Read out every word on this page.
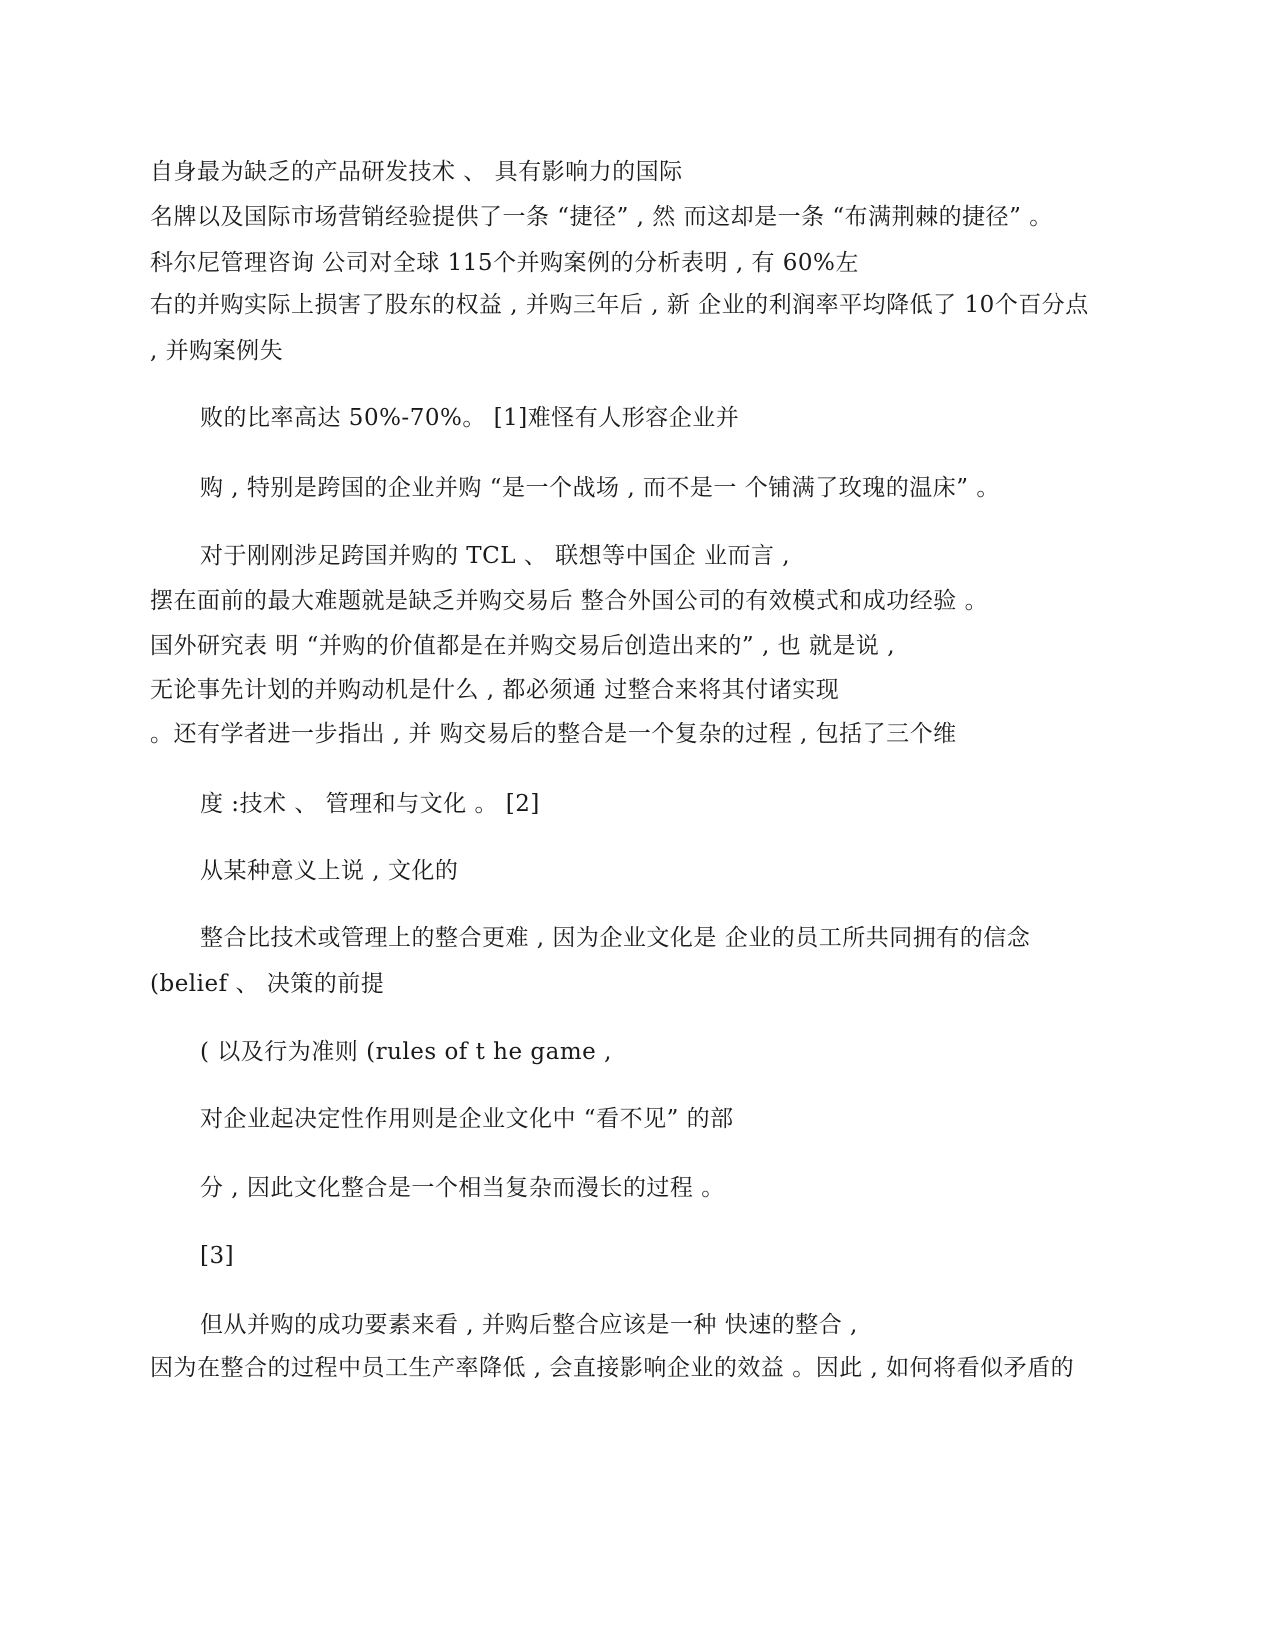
自身最为缺乏的产品研发技术 、 具有影响力的国际
名牌以及国际市场营销经验提供了一条 “捷径” , 然 而这却是一条 “布满荆棘的捷径” 。
科尔尼管理咨询 公司对全球 115个并购案例的分析表明 , 有 60%左
右的并购实际上损害了股东的权益 , 并购三年后 , 新 企业的利润率平均降低了 10个百分点
, 并购案例失
败的比率高达 50%-70%。 [1]难怪有人形容企业并
购 , 特别是跨国的企业并购 “是一个战场 , 而不是一 个铺满了玫瑰的温床” 。
对于刚刚涉足跨国并购的 TCL 、 联想等中国企 业而言 ,
摆在面前的最大难题就是缺乏并购交易后 整合外国公司的有效模式和成功经验 。
国外研究表 明 “并购的价值都是在并购交易后创造出来的” , 也 就是说 ,
无论事先计划的并购动机是什么 , 都必须通 过整合来将其付诸实现
。还有学者进一步指出 , 并 购交易后的整合是一个复杂的过程 , 包括了三个维
度 :技术 、 管理和与文化 。 [2]
从某种意义上说 , 文化的
整合比技术或管理上的整合更难 , 因为企业文化是 企业的员工所共同拥有的信念
(belief 、 决策的前提
( 以及行为准则 (rules of t he game ,
对企业起决定性作用则是企业文化中 “看不见” 的部
分 , 因此文化整合是一个相当复杂而漫长的过程 。
[3]
但从并购的成功要素来看 , 并购后整合应该是一种 快速的整合 ,
因为在整合的过程中员工生产率降低 , 会直接影响企业的效益 。因此 , 如何将看似矛盾的
